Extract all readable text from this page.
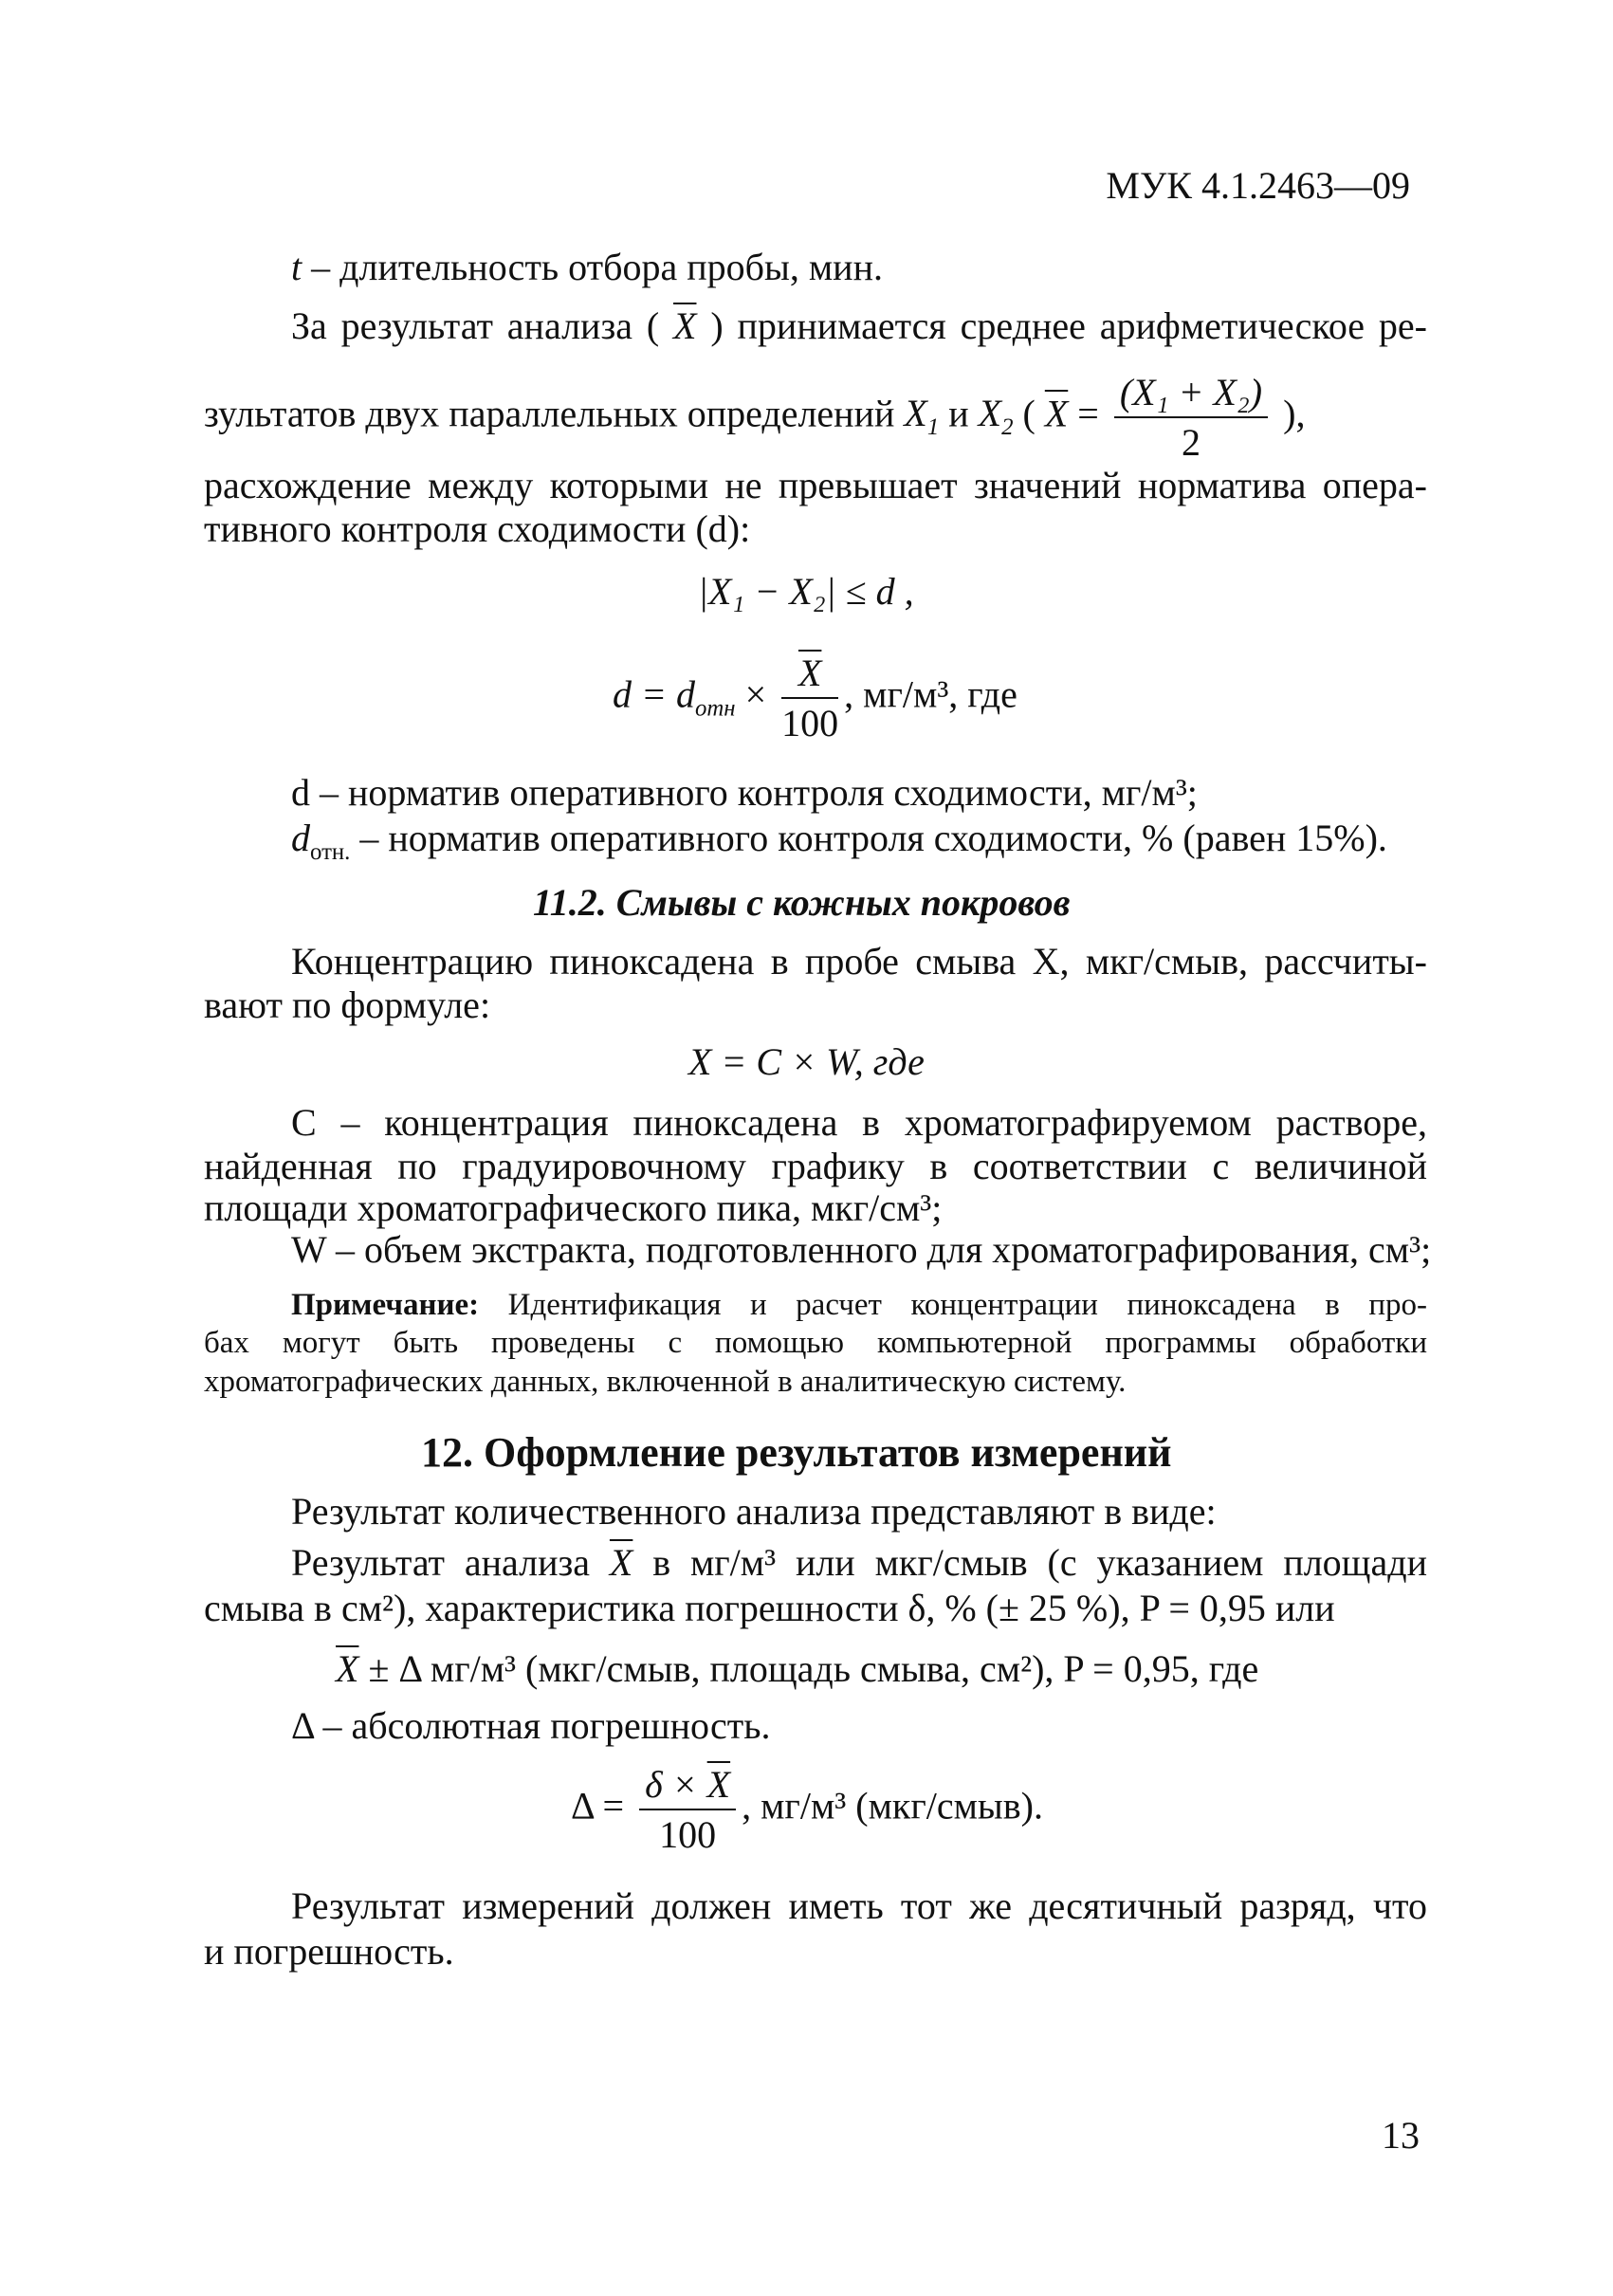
МУК 4.1.2463—09

t – длительность отбора пробы, мин.

За результат анализа ( $\overline{X}$ ) принимается среднее арифметическое ре-

зультатов двух параллельных определений $X_1$ и $X_2$ ( $\overline{X} = \frac{\text{(X₁ + X₂)}}{2}$ ),

расхождение между которыми не превышает значений норматива опера-

тивного контроля сходимости (d):

|X₁ − X₂| ≤ d ,

$d = d_{отн} \times \frac{\overline{X}}{100}$ , мг/м³, где

d – норматив оперативного контроля сходимости, мг/м³;

$d_{отн.}$ – норматив оперативного контроля сходимости, % (равен 15%).

11.2. Смывы с кожных покровов

Концентрацию пиноксадена в пробе смыва X, мкг/смыв, рассчиты-

вают по формуле:

X = C × W, где

C – концентрация пиноксадена в хроматографируемом растворе,

найденная по градуировочному графику в соответствии с величиной

площади хроматографического пика, мкг/см³;

W – объем экстракта, подготовленного для хроматографирования, см³;

Примечание: Идентификация и расчет концентрации пиноксадена в про-

бах могут быть проведены с помощью компьютерной программы обработки

хроматографических данных, включенной в аналитическую систему.

12. Оформление результатов измерений

Результат количественного анализа представляют в виде:

Результат анализа $\overline{X}$ в мг/м³ или мкг/смыв (с указанием площади

смыва в см²), характеристика погрешности δ, % (± 25 %), P = 0,95 или

$\overline{X} \pm \Delta$ мг/м³ (мкг/смыв, площадь смыва, см²), P = 0,95, где

Δ – абсолютная погрешность.

$\Delta = \frac{\delta \times \overline{X}}{100}$ , мг/м³ (мкг/смыв).

Результат измерений должен иметь тот же десятичный разряд, что

и погрешность.

13
